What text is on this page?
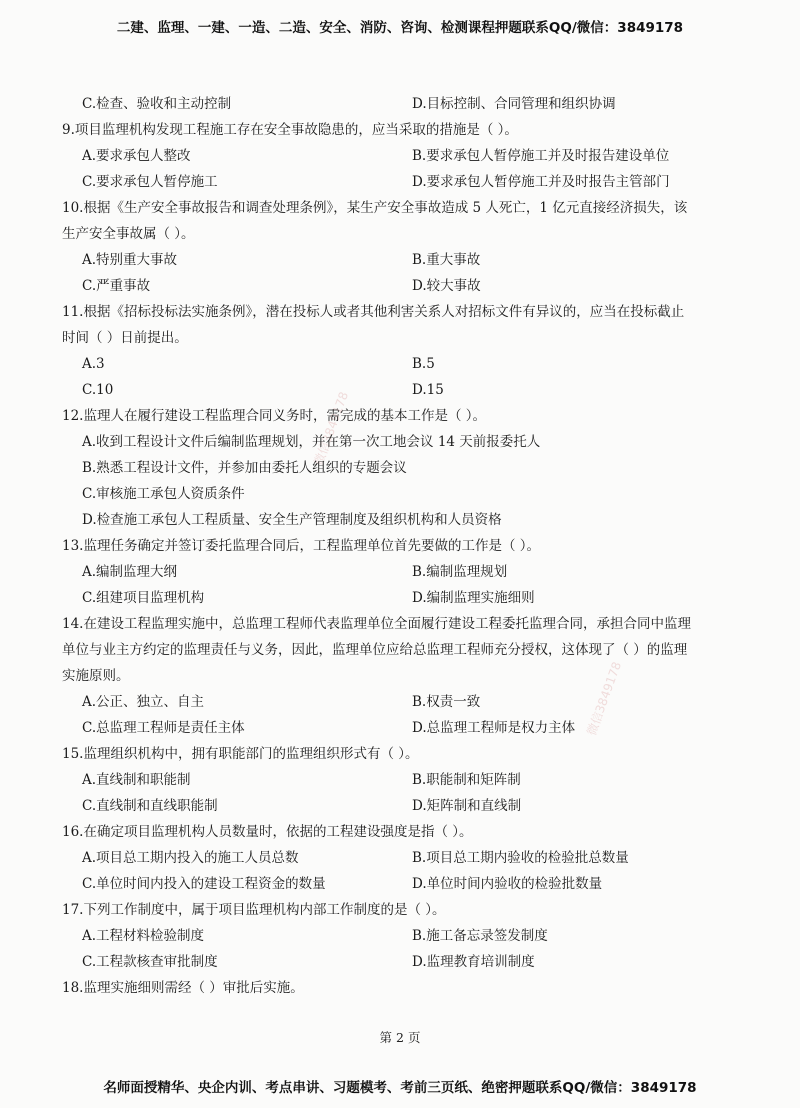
二建、监理、一建、一造、二造、安全、消防、咨询、检测课程押题联系QQ/微信：3849178
微信3849178
微信3849178
C.检查、验收和主动控制	D.目标控制、合同管理和组织协调
9.项目监理机构发现工程施工存在安全事故隐患的，应当采取的措施是（ ）。
A.要求承包人整改	B.要求承包人暂停施工并及时报告建设单位
C.要求承包人暂停施工	D.要求承包人暂停施工并及时报告主管部门
10.根据《生产安全事故报告和调查处理条例》，某生产安全事故造成 5 人死亡，1 亿元直接经济损失，该
生产安全事故属（ ）。
A.特别重大事故	B.重大事故
C.严重事故	D.较大事故
11.根据《招标投标法实施条例》，潜在投标人或者其他利害关系人对招标文件有异议的，应当在投标截止
时间（ ）日前提出。
A.3	B.5
C.10	D.15
12.监理人在履行建设工程监理合同义务时，需完成的基本工作是（ ）。
A.收到工程设计文件后编制监理规划，并在第一次工地会议 14 天前报委托人
B.熟悉工程设计文件，并参加由委托人组织的专题会议
C.审核施工承包人资质条件
D.检查施工承包人工程质量、安全生产管理制度及组织机构和人员资格
13.监理任务确定并签订委托监理合同后，工程监理单位首先要做的工作是（ ）。
A.编制监理大纲	B.编制监理规划
C.组建项目监理机构	D.编制监理实施细则
14.在建设工程监理实施中，总监理工程师代表监理单位全面履行建设工程委托监理合同，承担合同中监理
单位与业主方约定的监理责任与义务，因此，监理单位应给总监理工程师充分授权，这体现了（ ）的监理
实施原则。
A.公正、独立、自主	B.权责一致
C.总监理工程师是责任主体	D.总监理工程师是权力主体
15.监理组织机构中，拥有职能部门的监理组织形式有（ ）。
A.直线制和职能制	B.职能制和矩阵制
C.直线制和直线职能制	D.矩阵制和直线制
16.在确定项目监理机构人员数量时，依据的工程建设强度是指（ ）。
A.项目总工期内投入的施工人员总数	B.项目总工期内验收的检验批总数量
C.单位时间内投入的建设工程资金的数量	D.单位时间内验收的检验批数量
17.下列工作制度中，属于项目监理机构内部工作制度的是（ ）。
A.工程材料检验制度	B.施工备忘录签发制度
C.工程款核查审批制度	D.监理教育培训制度
18.监理实施细则需经（ ）审批后实施。
第 2 页
名师面授精华、央企内训、考点串讲、习题模考、考前三页纸、绝密押题联系QQ/微信：3849178
